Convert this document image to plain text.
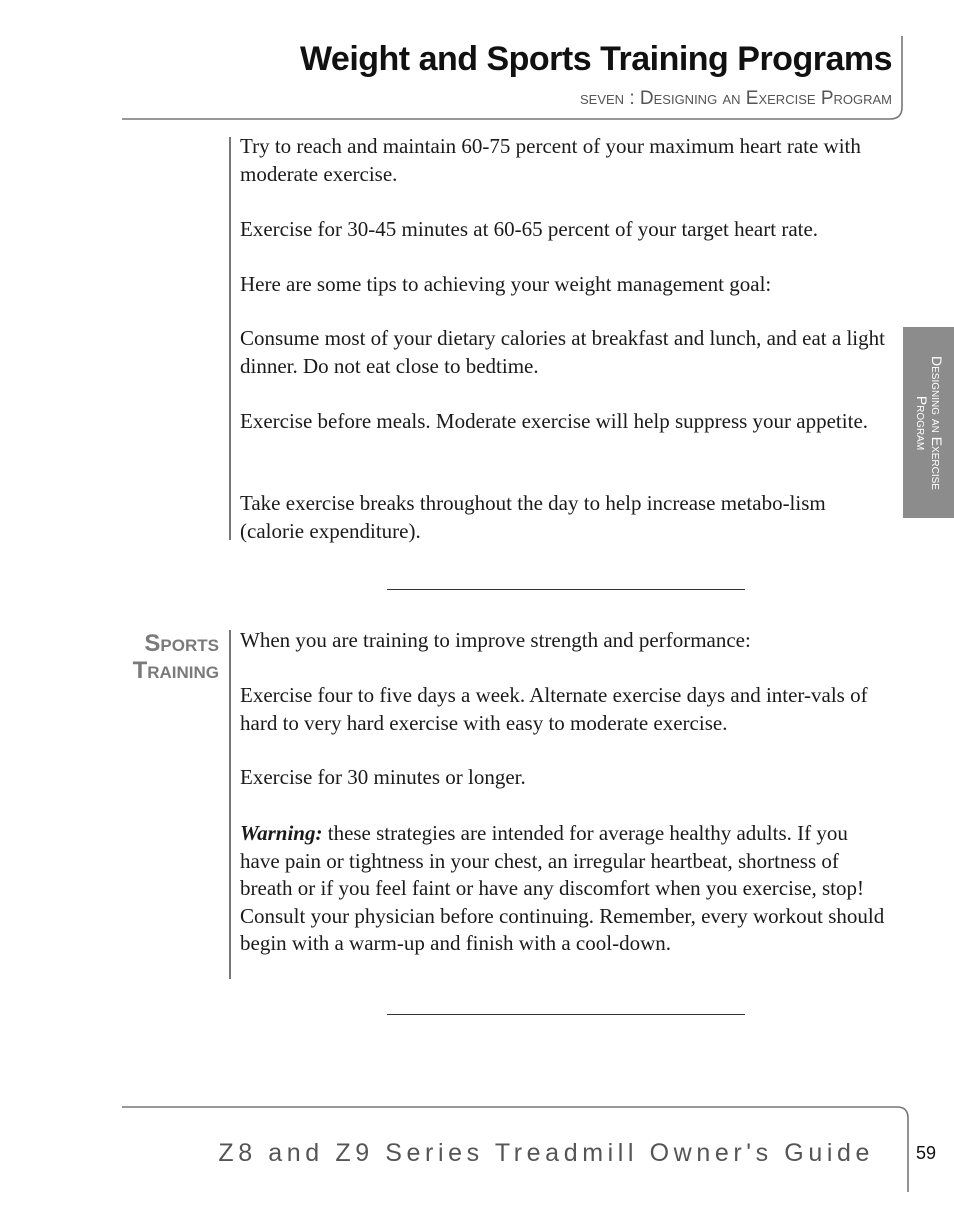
Weight and Sports Training Programs
seven : Designing an Exercise Program
Designing an Exercise Program

Try to reach and maintain 60-75 percent of your maximum heart rate with moderate exercise.

Exercise for 30-45 minutes at 60-65 percent of your target heart rate.

Here are some tips to achieving your weight management goal:

Consume most of your dietary calories at breakfast and lunch, and eat a light dinner. Do not eat close to bedtime.

Exercise before meals. Moderate exercise will help suppress your appetite.

Take exercise breaks throughout the day to help increase metabo-lism (calorie expenditure).

Sports
Training

When you are training to improve strength and performance:

Exercise four to five days a week. Alternate exercise days and inter-vals of hard to very hard exercise with easy to moderate exercise.

Exercise for 30 minutes or longer.

Warning: these strategies are intended for average healthy adults. If you have pain or tightness in your chest, an irregular heartbeat, shortness of breath or if you feel faint or have any discomfort when you exercise, stop! Consult your physician before continuing. Remember, every workout should begin with a warm-up and finish with a cool-down.

Z8 and Z9 Series Treadmill Owner's Guide 59
